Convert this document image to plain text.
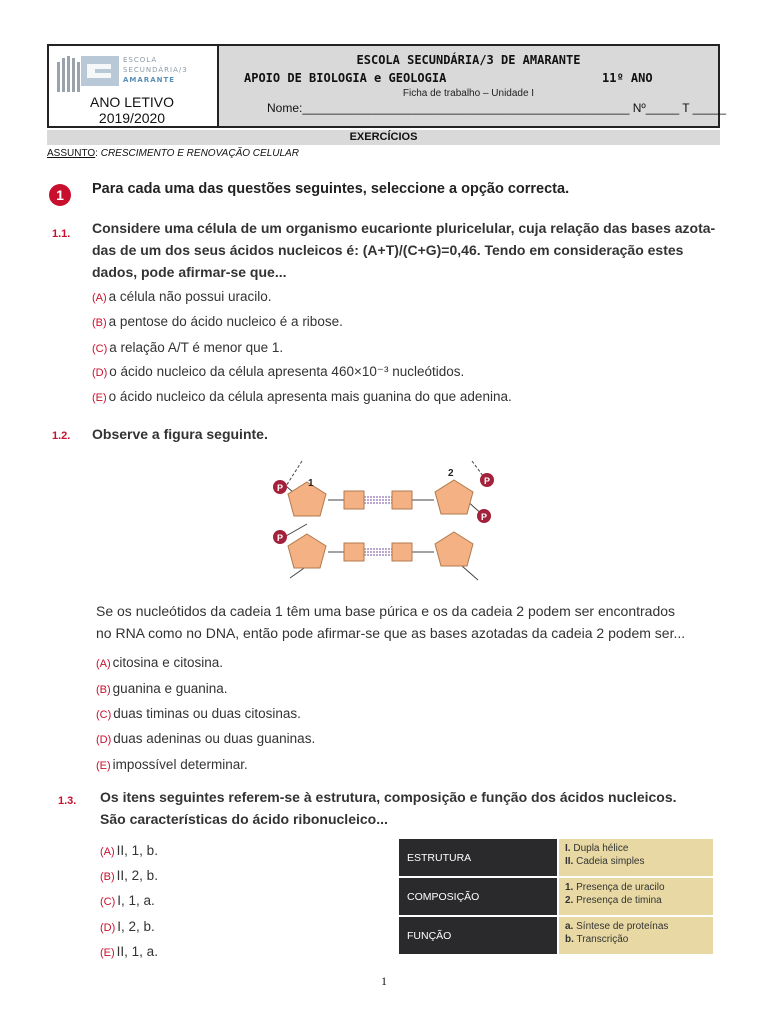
ESCOLA
SECUNDÁRIA/3
AMARANTE
ANO LETIVO
2019/2020
ESCOLA SECUNDÁRIA/3 DE AMARANTE
APOIO DE BIOLOGIA e GEOLOGIA	11º ANO
Ficha de trabalho – Unidade I
Nome:_________________________________________________ Nº_____ T _____
EXERCÍCIOS
ASSUNTO: CRESCIMENTO E RENOVAÇÃO CELULAR
1	Para cada uma das questões seguintes, seleccione a opção correcta.
1.1. Considere uma célula de um organismo eucarionte pluricelular, cuja relação das bases azota-
das de um dos seus ácidos nucleicos é: (A+T)/(C+G)=0,46. Tendo em consideração estes
dados, pode afirmar-se que...
(A) a célula não possui uracilo.
(B) a pentose do ácido nucleico é a ribose.
(C) a relação A/T é menor que 1.
(D) o ácido nucleico da célula apresenta 460×10⁻³ nucleótidos.
(E) o ácido nucleico da célula apresenta mais guanina do que adenina.
1.2. Observe a figura seguinte.
P
P
P
P
1
2
Se os nucleótidos da cadeia 1 têm uma base púrica e os da cadeia 2 podem ser encontrados
no RNA como no DNA, então pode afirmar-se que as bases azotadas da cadeia 2 podem ser...
(A) citosina e citosina.
(B) guanina e guanina.
(C) duas timinas ou duas citosinas.
(D) duas adeninas ou duas guaninas.
(E) impossível determinar.
1.3. Os itens seguintes referem-se à estrutura, composição e função dos ácidos nucleicos.
São características do ácido ribonucleico...
(A) II, 1, b.
(B) II, 2, b.
(C) I, 1, a.
(D) I, 2, b.
(E) II, 1, a.
ESTRUTURA
I. Dupla hélice
II. Cadeia simples
COMPOSIÇÃO
1. Presença de uracilo
2. Presença de timina
FUNÇÃO
a. Síntese de proteínas
b. Transcrição
1
